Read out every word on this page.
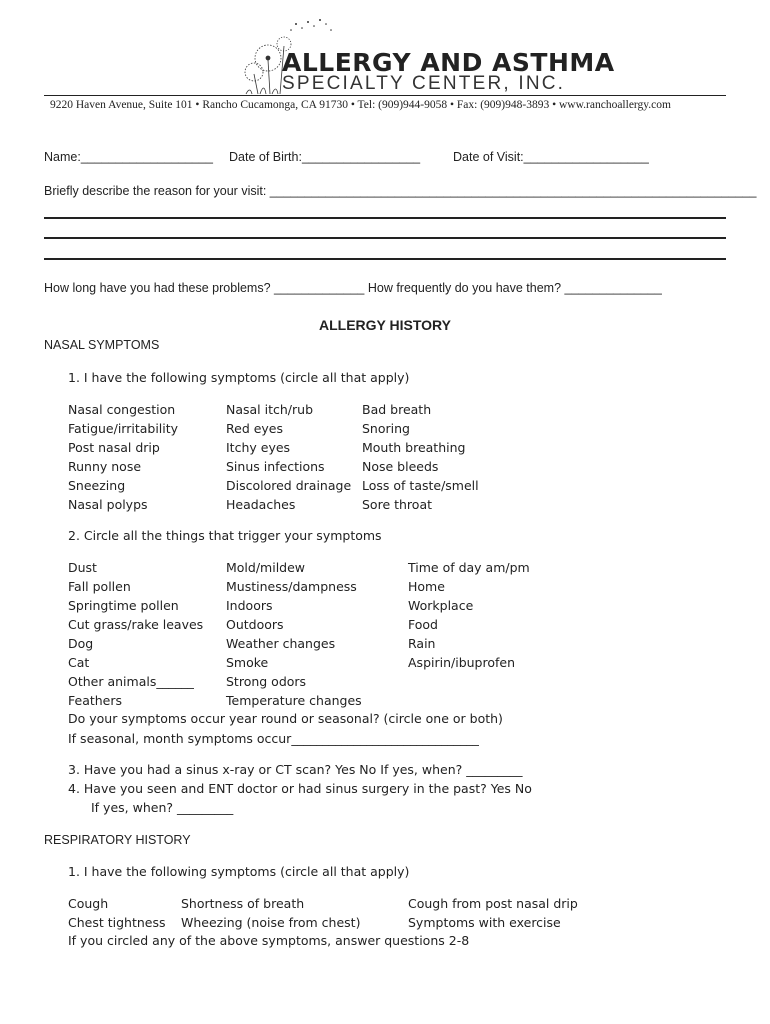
ALLERGY AND ASTHMA
SPECIALTY CENTER, INC.
9220 Haven Avenue, Suite 101 • Rancho Cucamonga, CA 91730 • Tel: (909)944-9058 • Fax: (909)948-3893 • www.ranchoallergy.com
Name:___________________ Date of Birth:_________________	Date of Visit:__________________
Briefly describe the reason for your visit: ______________________________________________________________________
How long have you had these problems? _____________ How frequently do you have them? ______________
ALLERGY HISTORY
NASAL SYMPTOMS
1. I have the following symptoms (circle all that apply)
Nasal congestion
Fatigue/irritability
Post nasal drip
Runny nose
Sneezing
Nasal polyps
Nasal itch/rub
Red eyes
Itchy eyes
Sinus infections
Discolored drainage
Headaches
Bad breath
Snoring
Mouth breathing
Nose bleeds
Loss of taste/smell
Sore throat
2. Circle all the things that trigger your symptoms
Dust
Fall pollen
Springtime pollen
Cut grass/rake leaves
Dog
Cat
Other animals______
Feathers
Mold/mildew
Mustiness/dampness
Indoors
Outdoors
Weather changes
Smoke
Strong odors
Temperature changes
Time of day am/pm
Home
Workplace
Food
Rain
Aspirin/ibuprofen
Do your symptoms occur year round or seasonal? (circle one or both)
If seasonal, month symptoms occur______________________________
3. Have you had a sinus x-ray or CT scan? Yes No If yes, when? _________
4. Have you seen and ENT doctor or had sinus surgery in the past? Yes No
If yes, when? _________
RESPIRATORY HISTORY
1. I have the following symptoms (circle all that apply)
Cough
Chest tightness
Shortness of breath
Wheezing (noise from chest)
Cough from post nasal drip
Symptoms with exercise
If you circled any of the above symptoms, answer questions 2-8
